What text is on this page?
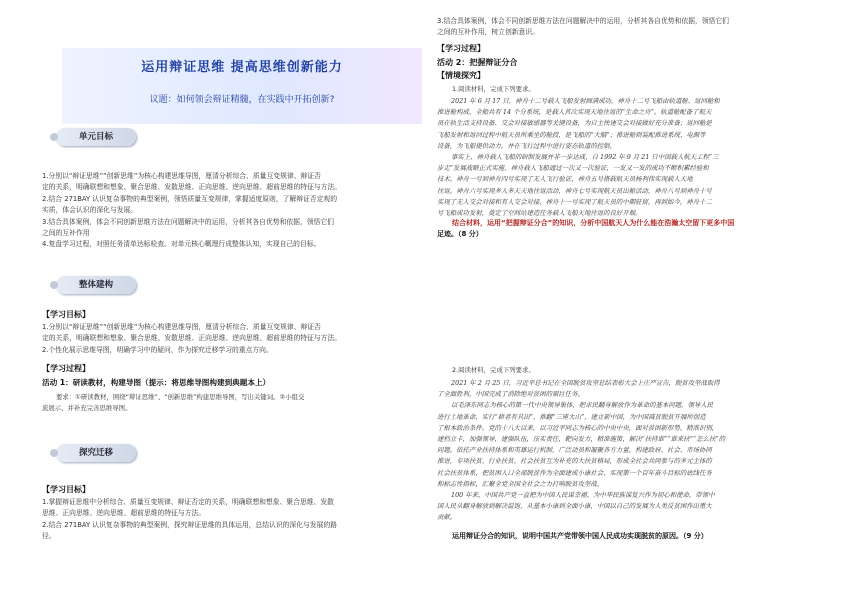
运用辩证思维 提高思维创新能力
议题：如何领会辩证精髓，在实践中开拓创新?
单元目标
1.分别以“辩证思维”“创新思维”为核心构建思维导图，厘清分析综合、质量互变规律、辩证否
定的关系，明确联想和想象、聚合思维、发散思维、正向思维、逆向思维、超前思维的特征与方法。
2.结合 271BAY 认识复杂事物的典型案例，领悟质量互变规律，掌握适度原则，了解辩证否定观的
实质，体会认识的深化与发展。
3.结合具体案例，体会不同创新思维方法在问题解决中的运用，分析其各自优势和依据，领悟它们
之间的互补作用
4.复盘学习过程，对照任务清单达标检查。对单元核心概理行成整体认知，实现自己的目标。
整体建构
【学习目标】
1.分别以“辩证思维”“创新思维”为核心构建思维导图，厘清分析综合、质量互变规律、辩证否
定的关系，明确联想和想象、聚合思维、发散思维、正向思维、逆向思维、超前思维的特征与方法。
2.个性化展示思维导图，明确学习中的疑问，作为探究迁移学习的重点方向。
【学习过程】
活动 1：研读教材，构建导图（提示：将思维导图构建到典题本上）
要求：①研读教材，围绕“辩证思维”、“创新思维”构建思维导图，写出关键词。②小组交
流展示，并补充完善思维导图。
探究迁移
【学习目标】
1.掌握辩证思维中分析综合、质量互变规律、辩证否定的关系，明确联想和想象、聚合思维、发散
思维、正向思维、逆向思维、超前思维的特征与方法。
2.结合 271BAY 认识复杂事物的典型案例，探究辩证思维的具体运用，总结认识的深化与发展的路
径。
3.结合具体案例，体会不同创新思维方法在问题解决中的运用，分析其各自优势和依据，领悟它们
之间的互补作用，树立创新意识。
【学习过程】
活动 2：把握辩证分合
【情境探究】
1.阅读材料，完成下列要求。
2021 年 6 月 17 日，神舟十二号载人飞船发射圆满成功。神舟十二号飞船由轨道舱、返回舱和
推进舱构成，全船共有 14 个分系统，是载人首次实现天地往返的“生命之舟”。轨道舱配备了航天
员在轨生活支持设备、交会对接敏感器等关键设备，为自主快速交会对接做好充分准备；返回舱是
飞船发射和返回过程中航天员所乘坐的舱段，是飞船的“大脑”；推进舱则装配推进系统、电源等
设备，为飞船提供动力，并在飞行过程中进行姿态轨道的控制。
事实上，神舟载人飞船的研制发展并非一步达成，自 1992 年 9 月 21 日中国载人航天工程“三
步走”发展战略正式实施，神舟载人飞船通过一次又一次验证，一发又一发的成功不断积累经验和
技术。神舟一号到神舟四号实现了无人飞行验证，神舟五号搭载航天员杨利伟实现载人天地
往返。神舟六号实现多人多天天地往返活动，神舟七号实现航天员出舱活动，神舟八号到神舟十号
实现了无人交会对接和有人交会对接，神舟十一号实现了航天员的中期驻留，再到如今，神舟十二
号飞船成功发射，奠定了空间站建造任务载人飞船天地往返的良好开端。
结合材料，运用“把握辩证分合”的知识，分析中国航天人为什么能在浩瀚太空留下更多中国
足迹。（8 分）
2.阅读材料，完成下列要求。
2021 年 2 月 25 日，习近平总书记在全国脱贫攻坚总结表彰大会上庄严宣告，脱贫攻坚战取得
了全面胜利，中国完成了消除绝对贫困的艰巨任务。
以毛泽东同志为核心的第一代中央领导集体，把求民翻身解放作为革命的基本问题，领导人民
进行土地革命，实行“耕者有其田”，推翻“三座大山”，建立新中国，为中国减贫脱贫开展所创造
了根本政治条件。党的十八大以来，以习近平同志为核心的中央中央，面对贫困新形势，精准识别，
建档立卡，加强领导，建强队伍，压实责任，靶向发力，精准施策，解决“扶持谁”“谁来扶”“怎么扶”的
问题。依托产业扶持体系和英雄运行机制，广泛动员和凝聚各方力量，构建政府、社会、市场协同
推进，专项扶贫、行业扶贫、社会扶贫互为补充的大扶贫格局，形成全社会共同参与的多元主体的
社会扶贫体系，把贫困人口全部脱贫作为全面建成小康社会、实现第一个百年奋斗目标的底线任务
和标志性指标，汇聚全党全国全社会之力打响脱贫攻坚战。
100 年来，中国共产党一直把为中国人民谋幸福、为中华民族谋复兴作为初心和使命，带领中
国人民从翻身解放到解决温饱，从基本小康到全面小康，中国以自己的发展为人类反贫困作出重大
贡献。
运用辩证分合的知识，说明中国共产党带领中国人民成功实现脱贫的原因。（9 分）
